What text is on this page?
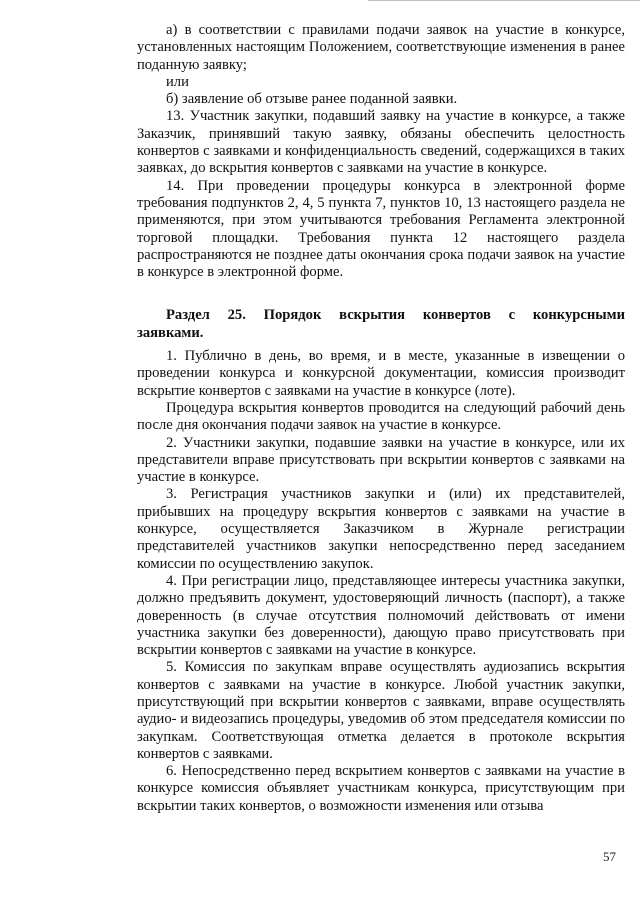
а) в соответствии с правилами подачи заявок на участие в конкурсе, установленных настоящим Положением, соответствующие изменения в ранее поданную заявку;

или

б) заявление об отзыве ранее поданной заявки.

13. Участник закупки, подавший заявку на участие в конкурсе, а также Заказчик, принявший такую заявку, обязаны обеспечить целостность конвертов с заявками и конфиденциальность сведений, содержащихся в таких заявках, до вскрытия конвертов с заявками на участие в конкурсе.

14. При проведении процедуры конкурса в электронной форме требования подпунктов 2, 4, 5 пункта 7, пунктов 10, 13 настоящего раздела не применяются, при этом учитываются требования Регламента электронной торговой площадки. Требования пункта 12 настоящего раздела распространяются не позднее даты окончания срока подачи заявок на участие в конкурсе в электронной форме.

Раздел 25. Порядок вскрытия конвертов с конкурсными заявками.

1. Публично в день, во время, и в месте, указанные в извещении о проведении конкурса и конкурсной документации, комиссия производит вскрытие конвертов с заявками на участие в конкурсе (лоте).

Процедура вскрытия конвертов проводится на следующий рабочий день после дня окончания подачи заявок на участие в конкурсе.

2. Участники закупки, подавшие заявки на участие в конкурсе, или их представители вправе присутствовать при вскрытии конвертов с заявками на участие в конкурсе.

3. Регистрация участников закупки и (или) их представителей, прибывших на процедуру вскрытия конвертов с заявками на участие в конкурсе, осуществляется Заказчиком в Журнале регистрации представителей участников закупки непосредственно перед заседанием комиссии по осуществлению закупок.

4. При регистрации лицо, представляющее интересы участника закупки, должно предъявить документ, удостоверяющий личность (паспорт), а также доверенность (в случае отсутствия полномочий действовать от имени участника закупки без доверенности), дающую право присутствовать при вскрытии конвертов с заявками на участие в конкурсе.

5. Комиссия по закупкам вправе осуществлять аудиозапись вскрытия конвертов с заявками на участие в конкурсе. Любой участник закупки, присутствующий при вскрытии конвертов с заявками, вправе осуществлять аудио- и видеозапись процедуры, уведомив об этом председателя комиссии по закупкам. Соответствующая отметка делается в протоколе вскрытия конвертов с заявками.

6. Непосредственно перед вскрытием конвертов с заявками на участие в конкурсе комиссия объявляет участникам конкурса, присутствующим при вскрытии таких конвертов, о возможности изменения или отзыва

57
